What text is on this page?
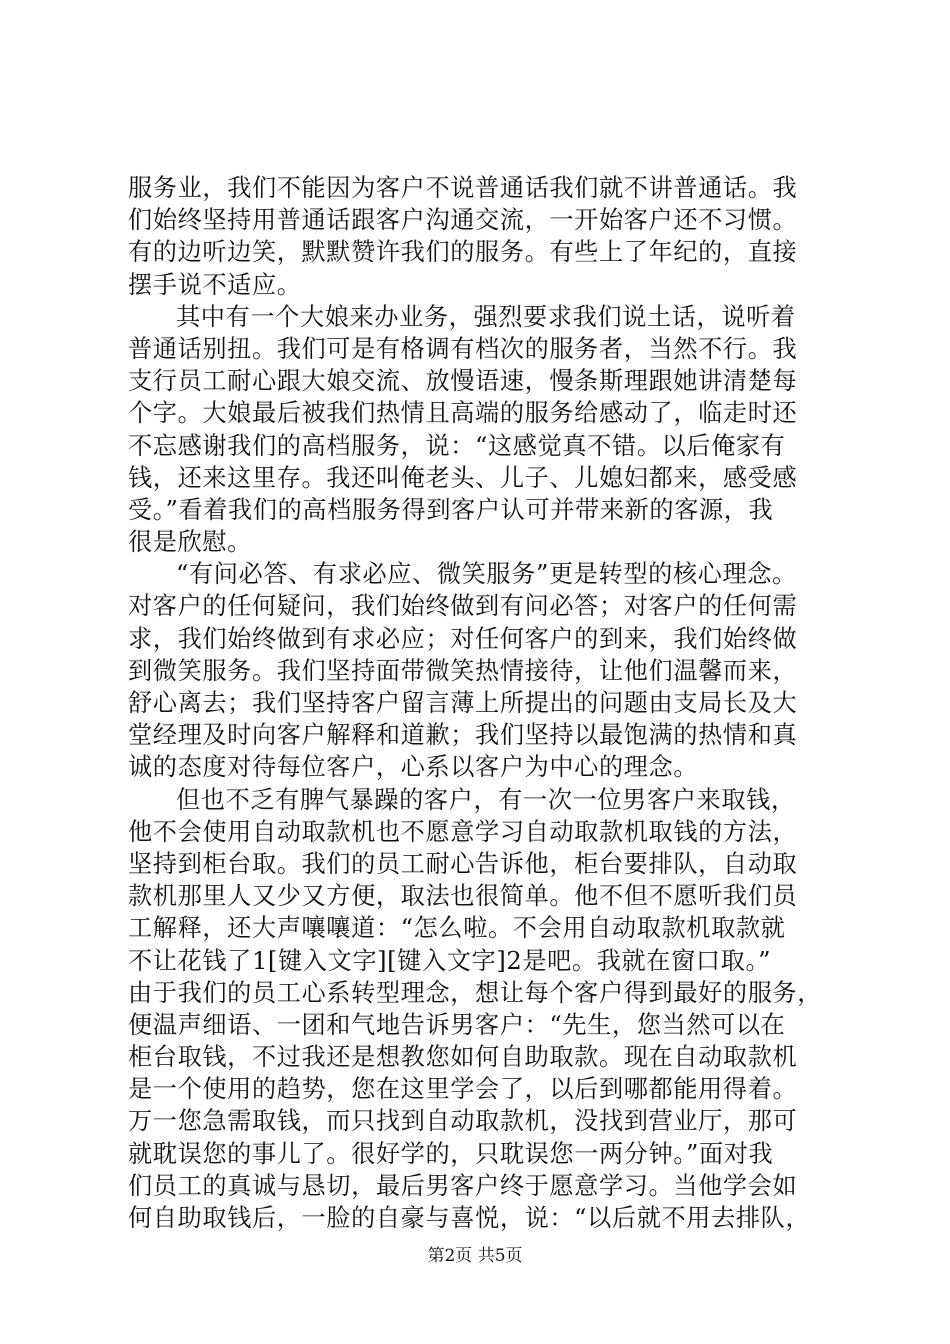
服务业，我们不能因为客户不说普通话我们就不讲普通话。我
们始终坚持用普通话跟客户沟通交流，一开始客户还不习惯。
有的边听边笑，默默赞许我们的服务。有些上了年纪的，直接
摆手说不适应。
其中有一个大娘来办业务，强烈要求我们说土话，说听着
普通话别扭。我们可是有格调有档次的服务者，当然不行。我
支行员工耐心跟大娘交流、放慢语速，慢条斯理跟她讲清楚每
个字。大娘最后被我们热情且高端的服务给感动了，临走时还
不忘感谢我们的高档服务，说：“这感觉真不错。以后俺家有
钱，还来这里存。我还叫俺老头、儿子、儿媳妇都来，感受感
受。”看着我们的高档服务得到客户认可并带来新的客源，我
很是欣慰。
“有问必答、有求必应、微笑服务”更是转型的核心理念。
对客户的任何疑问，我们始终做到有问必答；对客户的任何需
求，我们始终做到有求必应；对任何客户的到来，我们始终做
到微笑服务。我们坚持面带微笑热情接待，让他们温馨而来，
舒心离去；我们坚持客户留言薄上所提出的问题由支局长及大
堂经理及时向客户解释和道歉；我们坚持以最饱满的热情和真
诚的态度对待每位客户，心系以客户为中心的理念。
但也不乏有脾气暴躁的客户，有一次一位男客户来取钱，
他不会使用自动取款机也不愿意学习自动取款机取钱的方法，
坚持到柜台取。我们的员工耐心告诉他，柜台要排队，自动取
款机那里人又少又方便，取法也很简单。他不但不愿听我们员
工解释，还大声嚷嚷道：“怎么啦。不会用自动取款机取款就
不让花钱了1[键入文字][键入文字]2是吧。我就在窗口取。”
由于我们的员工心系转型理念，想让每个客户得到最好的服务，
便温声细语、一团和气地告诉男客户：“先生，您当然可以在
柜台取钱，不过我还是想教您如何自助取款。现在自动取款机
是一个使用的趋势，您在这里学会了，以后到哪都能用得着。
万一您急需取钱，而只找到自动取款机，没找到营业厅，那可
就耽误您的事儿了。很好学的，只耽误您一两分钟。”面对我
们员工的真诚与恳切，最后男客户终于愿意学习。当他学会如
何自助取钱后，一脸的自豪与喜悦，说：“以后就不用去排队，
第2页 共5页
